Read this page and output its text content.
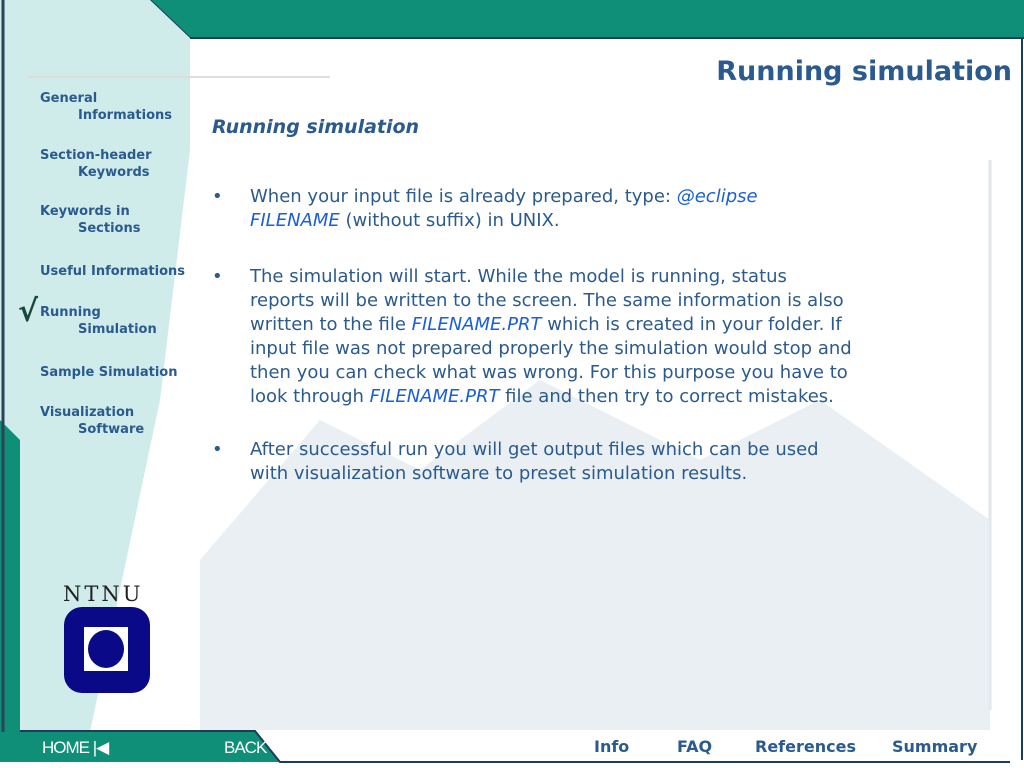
Running simulation
General
Informations
Section-header
Keywords
Keywords in
Sections
Useful Informations
√ Running
Simulation
Sample Simulation
Visualization
Software
NTNU
Running simulation
• When your input file is already prepared, type: @eclipse FILENAME (without suffix) in UNIX.
• The simulation will start. While the model is running, status reports will be written to the screen. The same information is also written to the file FILENAME.PRT which is created in your folder. If input file was not prepared properly the simulation would stop and then you can check what was wrong. For this purpose you have to look through FILENAME.PRT file and then try to correct mistakes.
• After successful run you will get output files which can be used with visualization software to preset simulation results.
HOME |◀	BACK ◀	NEXT ▶	Info	FAQ	References Summary
